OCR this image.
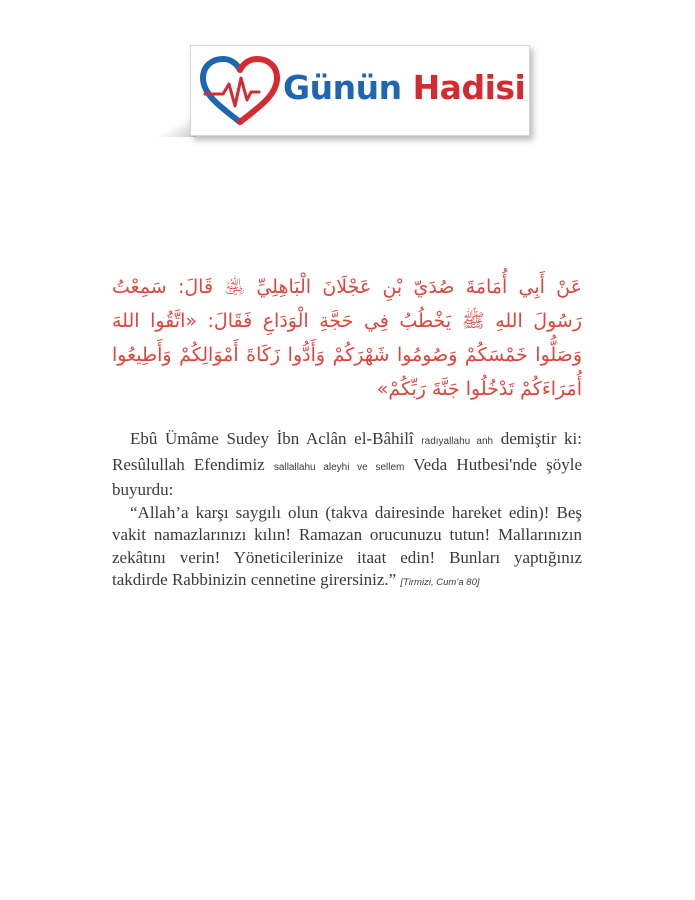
Günün Hadisi
عَنْ أَبِي أُمَامَةَ صُدَيّ بْنِ عَجْلَانَ الْبَاهِلِيِّ ﵁ قَالَ: سَمِعْتُ رَسُولَ اللهِ ﷺ يَخْطُبُ فِي حَجَّةِ الْوَدَاعِ فَقَالَ: «اتَّقُوا اللهَ وَصَلُّوا خَمْسَكُمْ وَصُومُوا شَهْرَكُمْ وَأَدُّوا زَكَاةَ أَمْوَالِكُمْ وَأَطِيعُوا أُمَرَاءَكُمْ تَدْخُلُوا جَنَّةَ رَبِّكُمْ»

Ebû Ümâme Sudey İbn Aclân el-Bâhilî radıyallahu anh demiştir ki: Resûlullah Efendimiz sallallahu aleyhi ve sellem Veda Hutbesi'nde şöyle buyurdu:

“Allah’a karşı saygılı olun (takva dairesinde hareket edin)! Beş vakit namazlarınızı kılın! Ramazan orucunuzu tutun! Mallarınızın zekâtını verin! Yöneticilerinize itaat edin! Bunları yaptığınız takdirde Rabbinizin cennetine girersiniz.” [Tirmizi, Cum’a 80]
